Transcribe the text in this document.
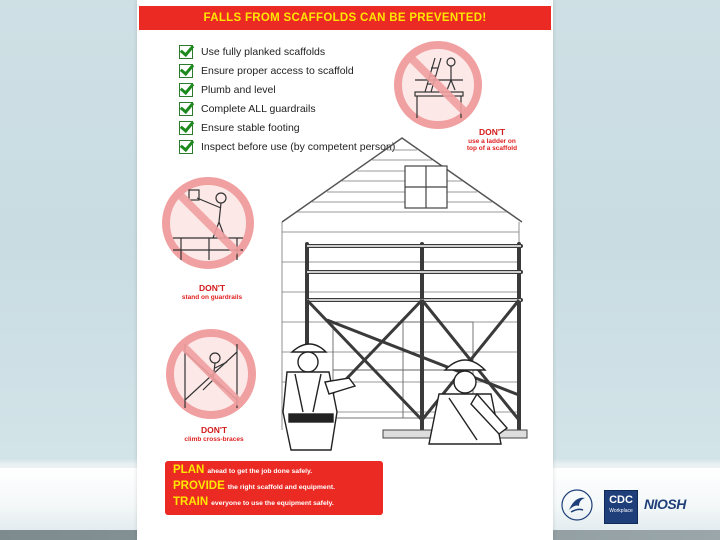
FALLS FROM SCAFFOLDS CAN BE PREVENTED!
Use fully planked scaffolds
Ensure proper access to scaffold
Plumb and level
Complete ALL guardrails
Ensure stable footing
Inspect before use (by competent person)
DON'T
use a ladder on
top of a scaffold
DON'T
stand on guardrails
DON'T
climb cross-braces
PLAN ahead to get the job done safely.
PROVIDE the right scaffold and equipment.
TRAIN everyone to use the equipment safely.	CDC
Workplace NIOSH
